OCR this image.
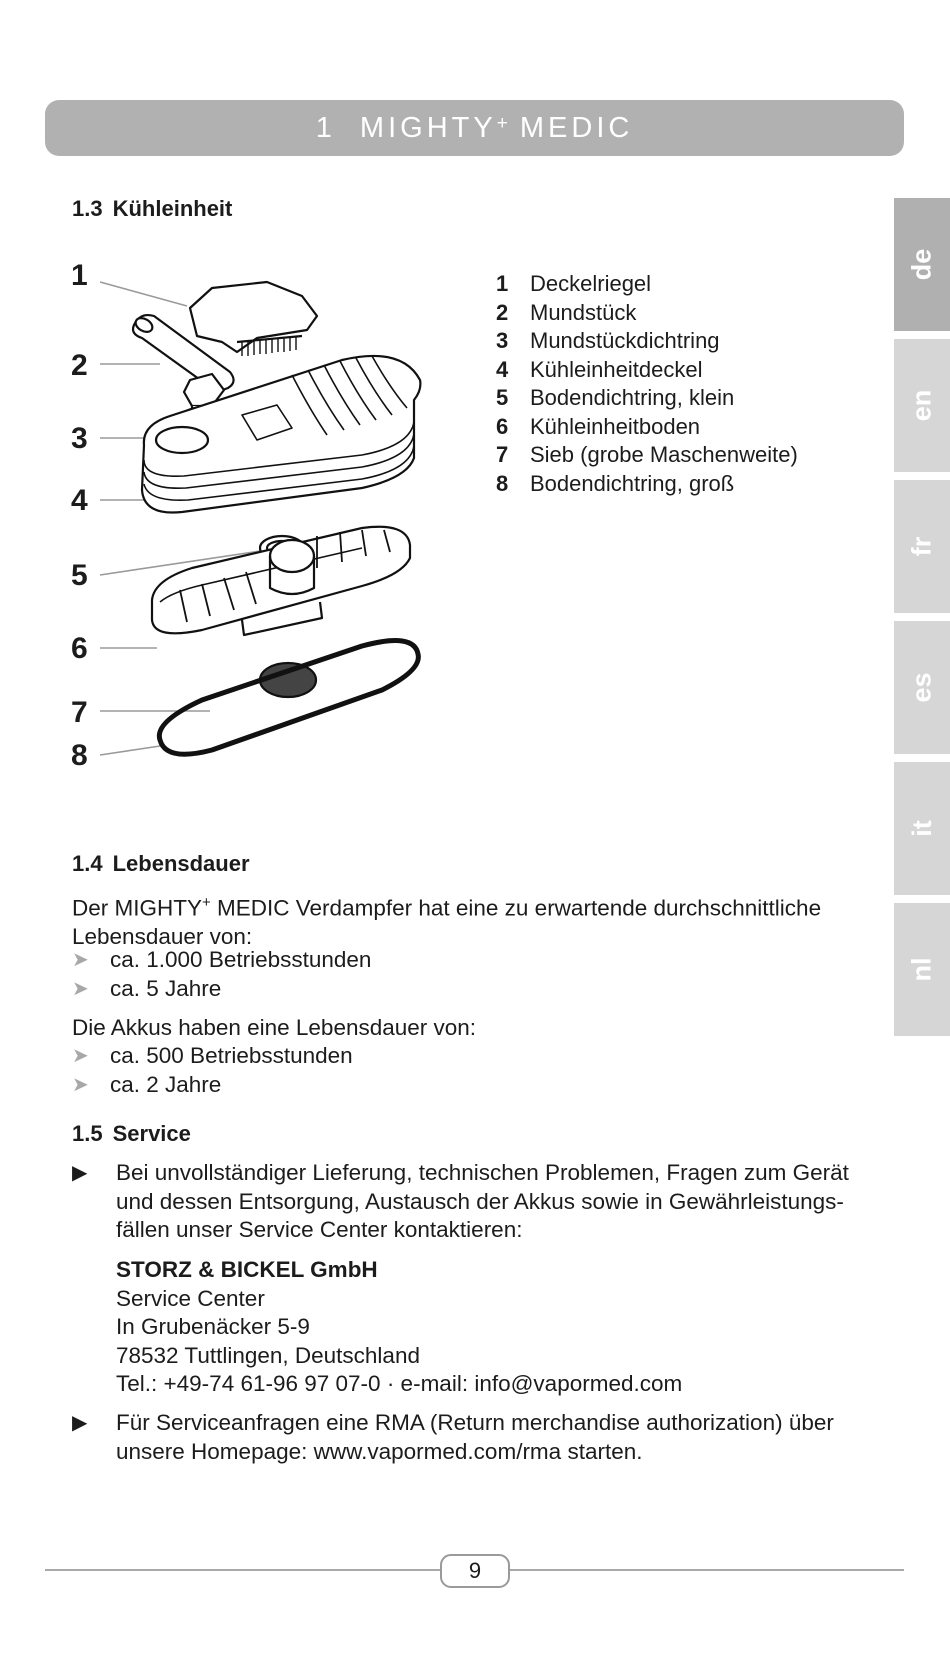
1  MIGHTY+ MEDIC
de
en
fr
es
it
nl
1.3 Kühleinheit
1
2
3
4
5
6
7
8
1 Deckelriegel
2 Mundstück
3 Mundstückdichtring
4 Kühleinheitdeckel
5 Bodendichtring, klein
6 Kühleinheitboden
7 Sieb (grobe Maschenweite)
8 Bodendichtring, groß
1.4 Lebensdauer
Der MIGHTY+ MEDIC Verdampfer hat eine zu erwartende durchschnittliche
Lebensdauer von:
➤ ca. 1.000 Betriebsstunden
➤ ca. 5 Jahre
Die Akkus haben eine Lebensdauer von:
➤ ca. 500 Betriebsstunden
➤ ca. 2 Jahre
1.5 Service
▶ Bei unvollständiger Lieferung, technischen Problemen, Fragen zum Gerät
und dessen Entsorgung, Austausch der Akkus sowie in Gewährleistungs-
fällen unser Service Center kontaktieren:
STORZ & BICKEL GmbH
Service Center
In Grubenäcker 5-9
78532 Tuttlingen, Deutschland
Tel.: +49-74 61-96 97 07-0 · e-mail: info@vapormed.com
▶ Für Serviceanfragen eine RMA (Return merchandise authorization) über
unsere Homepage: www.vapormed.com/rma starten.
9
